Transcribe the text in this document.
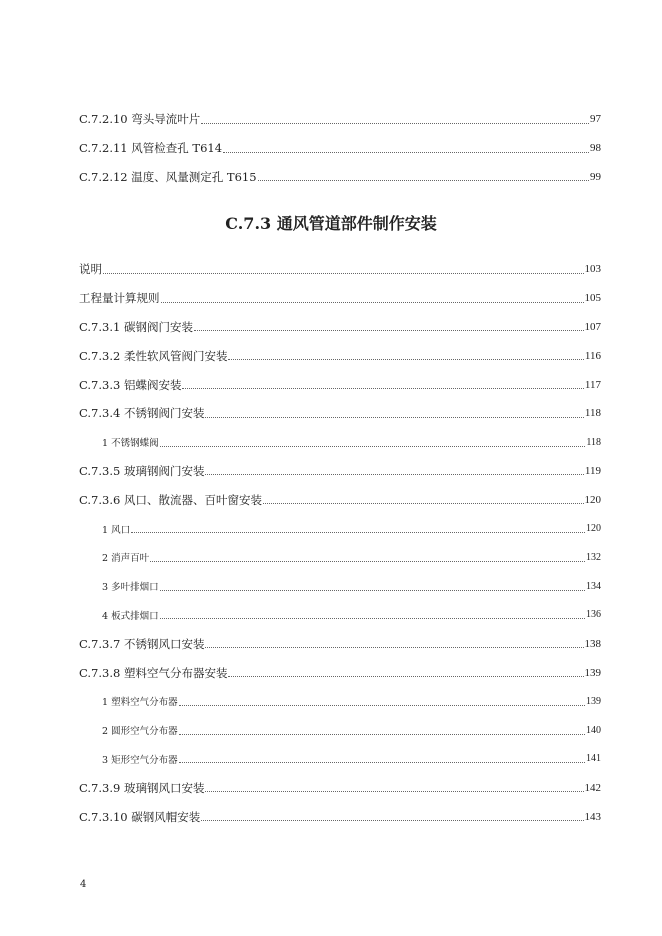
C.7.2.10 弯头导流叶片	97
C.7.2.11 风管检查孔 T614	98
C.7.2.12 温度、风量测定孔 T615	99
C.7.3 通风管道部件制作安装
说明	103
工程量计算规则	105
C.7.3.1 碳钢阀门安装	107
C.7.3.2 柔性软风管阀门安装	116
C.7.3.3 铝蝶阀安装	117
C.7.3.4 不锈钢阀门安装	118
1 不锈钢蝶阀	118
C.7.3.5 玻璃钢阀门安装	119
C.7.3.6 风口、散流器、百叶窗安装	120
1 风口	120
2 消声百叶	132
3 多叶排烟口	134
4 板式排烟口	136
C.7.3.7 不锈钢风口安装	138
C.7.3.8 塑料空气分布器安装	139
1 塑料空气分布器	139
2 圆形空气分布器	140
3 矩形空气分布器	141
C.7.3.9 玻璃钢风口安装	142
C.7.3.10 碳钢风帽安装	143
4
